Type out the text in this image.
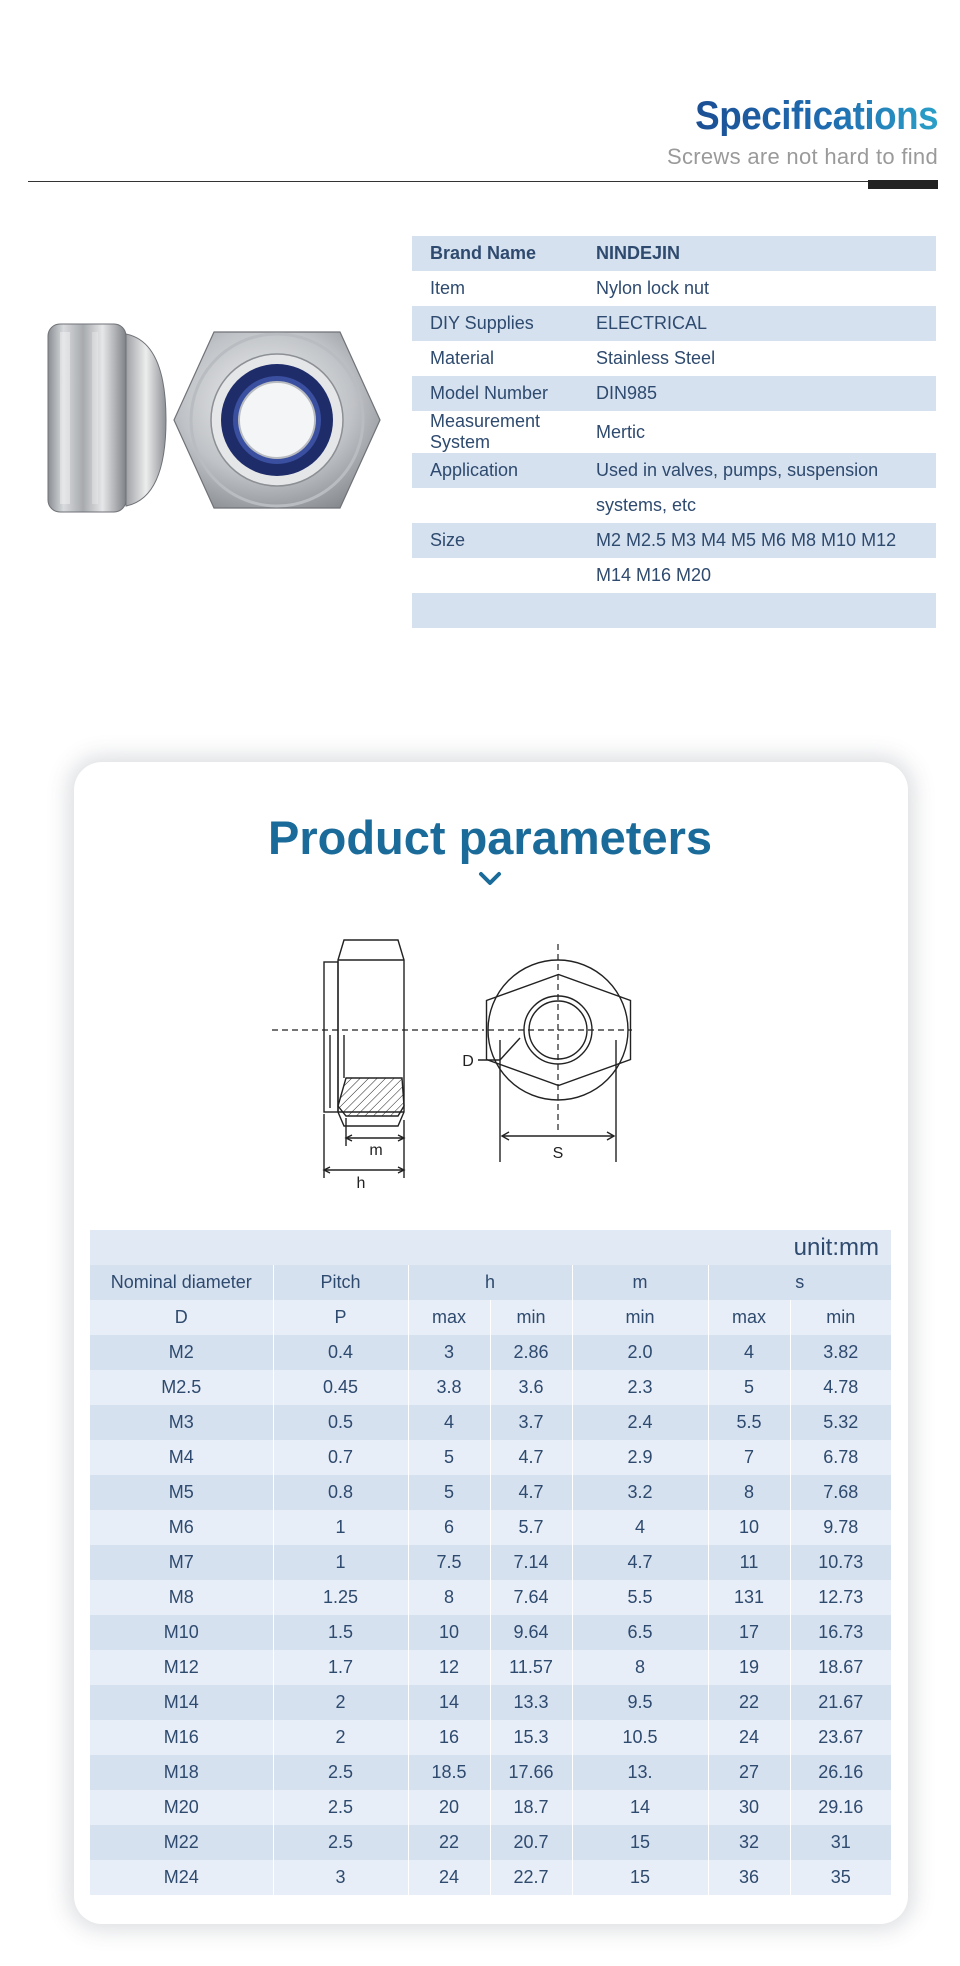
Specifications
Screws are not hard to find
Brand Name	NINDEJIN
Item	Nylon lock nut
DIY Supplies	ELECTRICAL
Material	Stainless Steel
Model Number	DIN985
Measurement System	Mertic
Application	Used in valves, pumps, suspension
	systems, etc
Size	M2 M2.5 M3 M4 M5 M6 M8 M10 M12
	M14 M16 M20

Product parameters
m
h
D
S
unit:mm						
Nominal diameter	Pitch	h		m	s	
D	P	max	min	min	max	min
M2	0.4	3	2.86	2.0	4	3.82
M2.5	0.45	3.8	3.6	2.3	5	4.78
M3	0.5	4	3.7	2.4	5.5	5.32
M4	0.7	5	4.7	2.9	7	6.78
M5	0.8	5	4.7	3.2	8	7.68
M6	1	6	5.7	4	10	9.78
M7	1	7.5	7.14	4.7	11	10.73
M8	1.25	8	7.64	5.5	131	12.73
M10	1.5	10	9.64	6.5	17	16.73
M12	1.7	12	11.57	8	19	18.67
M14	2	14	13.3	9.5	22	21.67
M16	2	16	15.3	10.5	24	23.67
M18	2.5	18.5	17.66	13.	27	26.16
M20	2.5	20	18.7	14	30	29.16
M22	2.5	22	20.7	15	32	31
M24	3	24	22.7	15	36	35
